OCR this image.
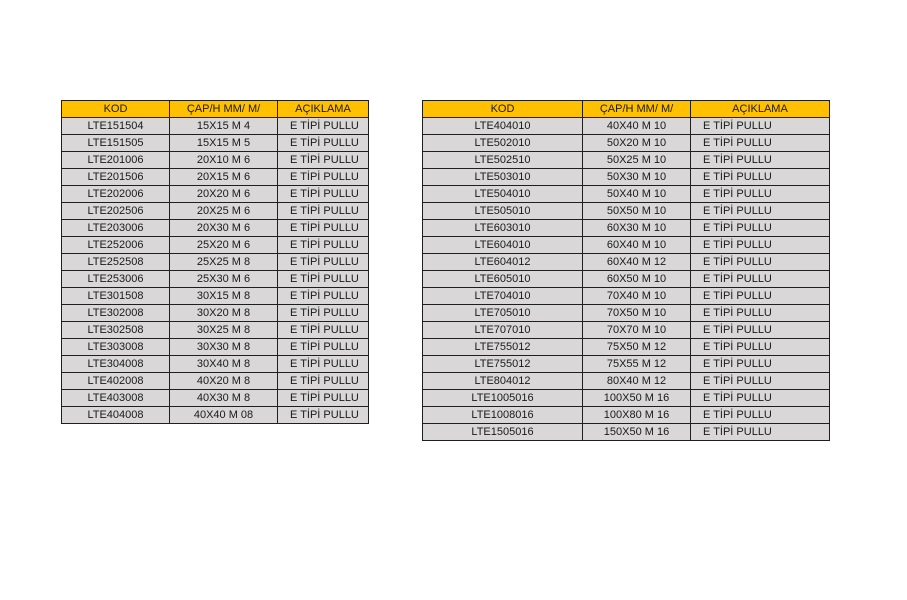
KOD	ÇAP/H MM/ M/	AÇIKLAMA
LTE151504	15X15 M 4	E TİPİ PULLU
LTE151505	15X15 M 5	E TİPİ PULLU
LTE201006	20X10 M 6	E TİPİ PULLU
LTE201506	20X15 M 6	E TİPİ PULLU
LTE202006	20X20 M 6	E TİPİ PULLU
LTE202506	20X25 M 6	E TİPİ PULLU
LTE203006	20X30 M 6	E TİPİ PULLU
LTE252006	25X20 M 6	E TİPİ PULLU
LTE252508	25X25 M 8	E TİPİ PULLU
LTE253006	25X30 M 6	E TİPİ PULLU
LTE301508	30X15 M 8	E TİPİ PULLU
LTE302008	30X20 M 8	E TİPİ PULLU
LTE302508	30X25 M 8	E TİPİ PULLU
LTE303008	30X30 M 8	E TİPİ PULLU
LTE304008	30X40 M 8	E TİPİ PULLU
LTE402008	40X20 M 8	E TİPİ PULLU
LTE403008	40X30 M 8	E TİPİ PULLU
LTE404008	40X40 M 08	E TİPİ PULLU
KOD	ÇAP/H MM/ M/	AÇIKLAMA
LTE404010	40X40 M 10	E TİPİ PULLU
LTE502010	50X20 M 10	E TİPİ PULLU
LTE502510	50X25 M 10	E TİPİ PULLU
LTE503010	50X30 M 10	E TİPİ PULLU
LTE504010	50X40 M 10	E TİPİ PULLU
LTE505010	50X50 M 10	E TİPİ PULLU
LTE603010	60X30 M 10	E TİPİ PULLU
LTE604010	60X40 M 10	E TİPİ PULLU
LTE604012	60X40 M 12	E TİPİ PULLU
LTE605010	60X50 M 10	E TİPİ PULLU
LTE704010	70X40 M 10	E TİPİ PULLU
LTE705010	70X50 M 10	E TİPİ PULLU
LTE707010	70X70 M 10	E TİPİ PULLU
LTE755012	75X50 M 12	E TİPİ PULLU
LTE755012	75X55 M 12	E TİPİ PULLU
LTE804012	80X40 M 12	E TİPİ PULLU
LTE1005016	100X50 M 16	E TİPİ PULLU
LTE1008016	100X80 M 16	E TİPİ PULLU
LTE1505016	150X50 M 16	E TİPİ PULLU
